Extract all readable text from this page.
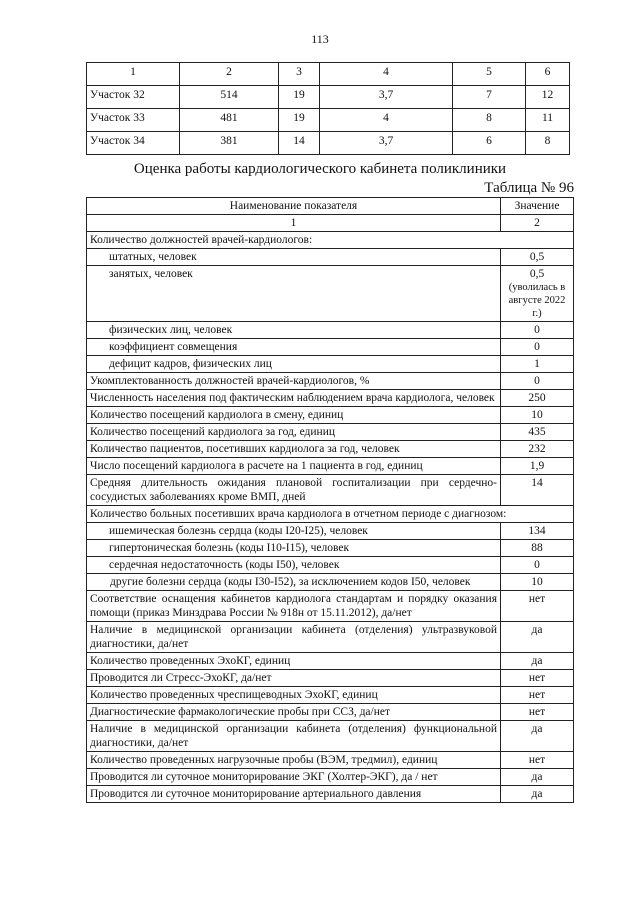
113
1	2	3	4	5	6
Участок 32	514	19	3,7	7	12
Участок 33	481	19	4	8	11
Участок 34	381	14	3,7	6	8
Оценка работы кардиологического кабинета поликлиники
Таблица № 96
Наименование показателя	Значение
1	2
Количество должностей врачей-кардиологов:	
штатных, человек	0,5
занятых, человек	0,5
(уволилась в августе 2022 г.)

физических лиц, человек	0
коэффициент совмещения	0
дефицит кадров, физических лиц	1
Укомплектованность должностей врачей-кардиологов, %	0
Численность населения под фактическим наблюдением врача кардиолога, человек	250
Количество посещений кардиолога в смену, единиц	10
Количество посещений кардиолога за год, единиц	435
Количество пациентов, посетивших кардиолога за год, человек	232
Число посещений кардиолога в расчете на 1 пациента в год, единиц	1,9
Средняя длительность ожидания плановой госпитализации при сердечно-сосудистых заболеваниях кроме ВМП, дней	14
Количество больных посетивших врача кардиолога в отчетном периоде с диагнозом:	
ишемическая болезнь сердца (коды I20-I25), человек	134
гипертоническая болезнь (коды I10-I15), человек	88
сердечная недостаточность (коды I50), человек	0
другие болезни сердца (коды I30-I52), за исключением кодов I50, человек	10
Соответствие оснащения кабинетов кардиолога стандартам и порядку оказания помощи (приказ Минздрава России № 918н от 15.11.2012), да/нет	нет
Наличие в медицинской организации кабинета (отделения) ультразвуковой диагностики, да/нет	да
Количество проведенных ЭхоКГ, единиц	да
Проводится ли Стресс-ЭхоКГ, да/нет	нет
Количество проведенных чреспищеводных ЭхоКГ, единиц	нет
Диагностические фармакологические пробы при ССЗ, да/нет	нет
Наличие в медицинской организации кабинета (отделения) функциональной диагностики, да/нет	да
Количество проведенных нагрузочные пробы (ВЭМ, тредмил), единиц	нет
Проводится ли суточное мониторирование ЭКГ (Холтер-ЭКГ), да / нет	да
Проводится ли суточное мониторирование артериального давления	да
